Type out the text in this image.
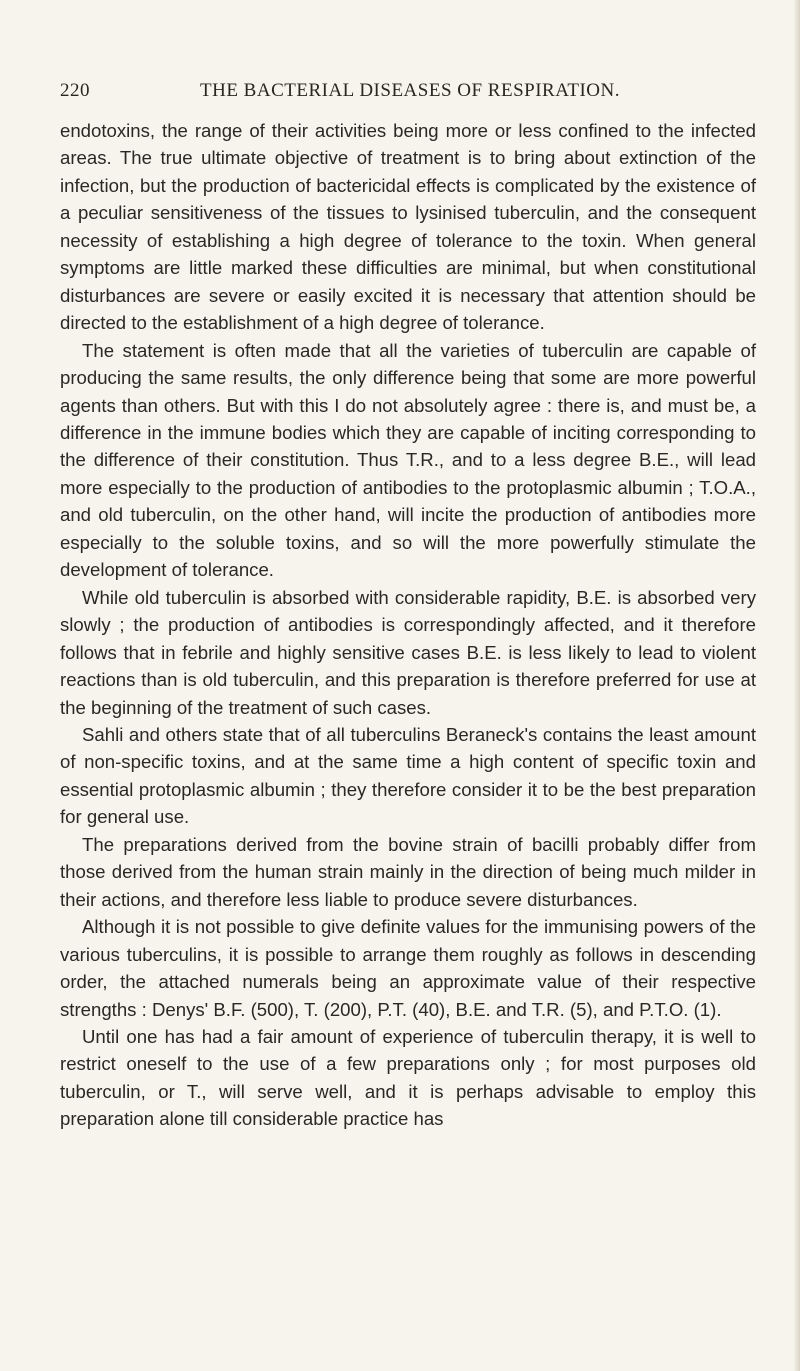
220	THE BACTERIAL DISEASES OF RESPIRATION.

endotoxins, the range of their activities being more or less confined to the infected areas. The true ultimate objective of treatment is to bring about extinction of the infection, but the production of bactericidal effects is complicated by the existence of a peculiar sensitiveness of the tissues to lysinised tuberculin, and the consequent necessity of establishing a high degree of tolerance to the toxin. When general symptoms are little marked these difficulties are minimal, but when constitutional disturbances are severe or easily excited it is necessary that attention should be directed to the establishment of a high degree of tolerance.

The statement is often made that all the varieties of tuberculin are capable of producing the same results, the only difference being that some are more powerful agents than others. But with this I do not absolutely agree : there is, and must be, a difference in the immune bodies which they are capable of inciting corresponding to the difference of their constitution. Thus T.R., and to a less degree B.E., will lead more especially to the production of antibodies to the protoplasmic albumin ; T.O.A., and old tuberculin, on the other hand, will incite the production of antibodies more especially to the soluble toxins, and so will the more powerfully stimulate the development of tolerance.

While old tuberculin is absorbed with considerable rapidity, B.E. is absorbed very slowly ; the production of antibodies is correspondingly affected, and it therefore follows that in febrile and highly sensitive cases B.E. is less likely to lead to violent reactions than is old tuberculin, and this preparation is therefore preferred for use at the beginning of the treatment of such cases.

Sahli and others state that of all tuberculins Beraneck's contains the least amount of non-specific toxins, and at the same time a high content of specific toxin and essential protoplasmic albumin ; they therefore consider it to be the best preparation for general use.

The preparations derived from the bovine strain of bacilli probably differ from those derived from the human strain mainly in the direction of being much milder in their actions, and therefore less liable to produce severe disturbances.

Although it is not possible to give definite values for the immunising powers of the various tuberculins, it is possible to arrange them roughly as follows in descending order, the attached numerals being an approximate value of their respective strengths : Denys' B.F. (500), T. (200), P.T. (40), B.E. and T.R. (5), and P.T.O. (1).

Until one has had a fair amount of experience of tuberculin therapy, it is well to restrict oneself to the use of a few preparations only ; for most purposes old tuberculin, or T., will serve well, and it is perhaps advisable to employ this preparation alone till considerable practice has
